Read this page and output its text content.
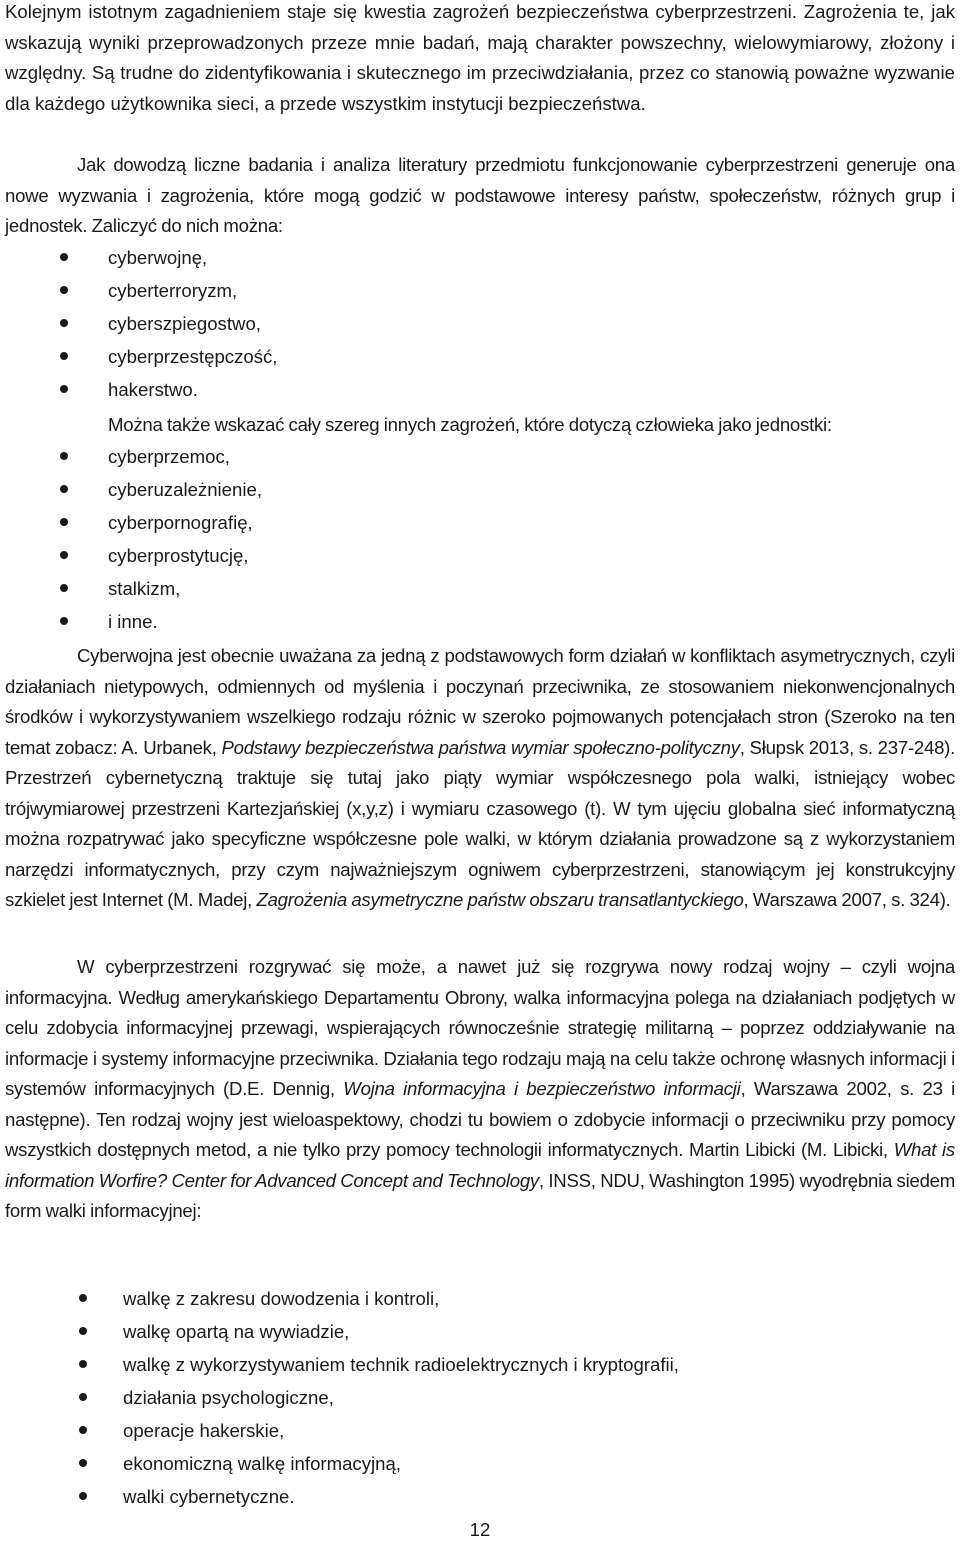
Kolejnym istotnym zagadnieniem staje się kwestia zagrożeń bezpieczeństwa cyberprzestrzeni. Zagrożenia te, jak wskazują wyniki przeprowadzonych przeze mnie badań, mają charakter powszechny, wielowymiarowy, złożony i względny. Są trudne do zidentyfikowania i skutecznego im przeciwdziałania, przez co stanowią poważne wyzwanie dla każdego użytkownika sieci, a przede wszystkim instytucji bezpieczeństwa.

Jak dowodzą liczne badania i analiza literatury przedmiotu funkcjonowanie cyberprzestrzeni generuje ona nowe wyzwania i zagrożenia, które mogą godzić w podstawowe interesy państw, społeczeństw, różnych grup i jednostek. Zaliczyć do nich można:

cyberwojnę,
cyberterroryzm,
cyberszpiegostwo,
cyberprzestępczość,
hakerstwo.

Można także wskazać cały szereg innych zagrożeń, które dotyczą człowieka jako jednostki:

cyberprzemoc,
cyberuzależnienie,
cyberpornografię,
cyberprostytucję,
stalkizm,
i inne.

Cyberwojna jest obecnie uważana za jedną z podstawowych form działań w konfliktach asymetrycznych, czyli działaniach nietypowych, odmiennych od myślenia i poczynań przeciwnika, ze stosowaniem niekonwencjonalnych środków i wykorzystywaniem wszelkiego rodzaju różnic w szeroko pojmowanych potencjałach stron (Szeroko na ten temat zobacz: A. Urbanek, Podstawy bezpieczeństwa państwa wymiar społeczno-polityczny, Słupsk 2013, s. 237-248). Przestrzeń cybernetyczną traktuje się tutaj jako piąty wymiar współczesnego pola walki, istniejący wobec trójwymiarowej przestrzeni Kartezjańskiej (x,y,z) i wymiaru czasowego (t). W tym ujęciu globalna sieć informatyczną można rozpatrywać jako specyficzne współczesne pole walki, w którym działania prowadzone są z wykorzystaniem narzędzi informatycznych, przy czym najważniejszym ogniwem cyberprzestrzeni, stanowiącym jej konstrukcyjny szkielet jest Internet (M. Madej, Zagrożenia asymetryczne państw obszaru transatlantyckiego, Warszawa 2007, s. 324).

W cyberprzestrzeni rozgrywać się może, a nawet już się rozgrywa nowy rodzaj wojny – czyli wojna informacyjna. Według amerykańskiego Departamentu Obrony, walka informacyjna polega na działaniach podjętych w celu zdobycia informacyjnej przewagi, wspierających równocześnie strategię militarną – poprzez oddziaływanie na informacje i systemy informacyjne przeciwnika. Działania tego rodzaju mają na celu także ochronę własnych informacji i systemów informacyjnych (D.E. Dennig, Wojna informacyjna i bezpieczeństwo informacji, Warszawa 2002, s. 23 i następne). Ten rodzaj wojny jest wieloaspektowy, chodzi tu bowiem o zdobycie informacji o przeciwniku przy pomocy wszystkich dostępnych metod, a nie tylko przy pomocy technologii informatycznych. Martin Libicki (M. Libicki, What is information Worfire? Center for Advanced Concept and Technology, INSS, NDU, Washington 1995) wyodrębnia siedem form walki informacyjnej:

walkę z zakresu dowodzenia i kontroli,
walkę opartą na wywiadzie,
walkę z wykorzystywaniem technik radioelektrycznych i kryptografii,
działania psychologiczne,
operacje hakerskie,
ekonomiczną walkę informacyjną,
walki cybernetyczne.
12
